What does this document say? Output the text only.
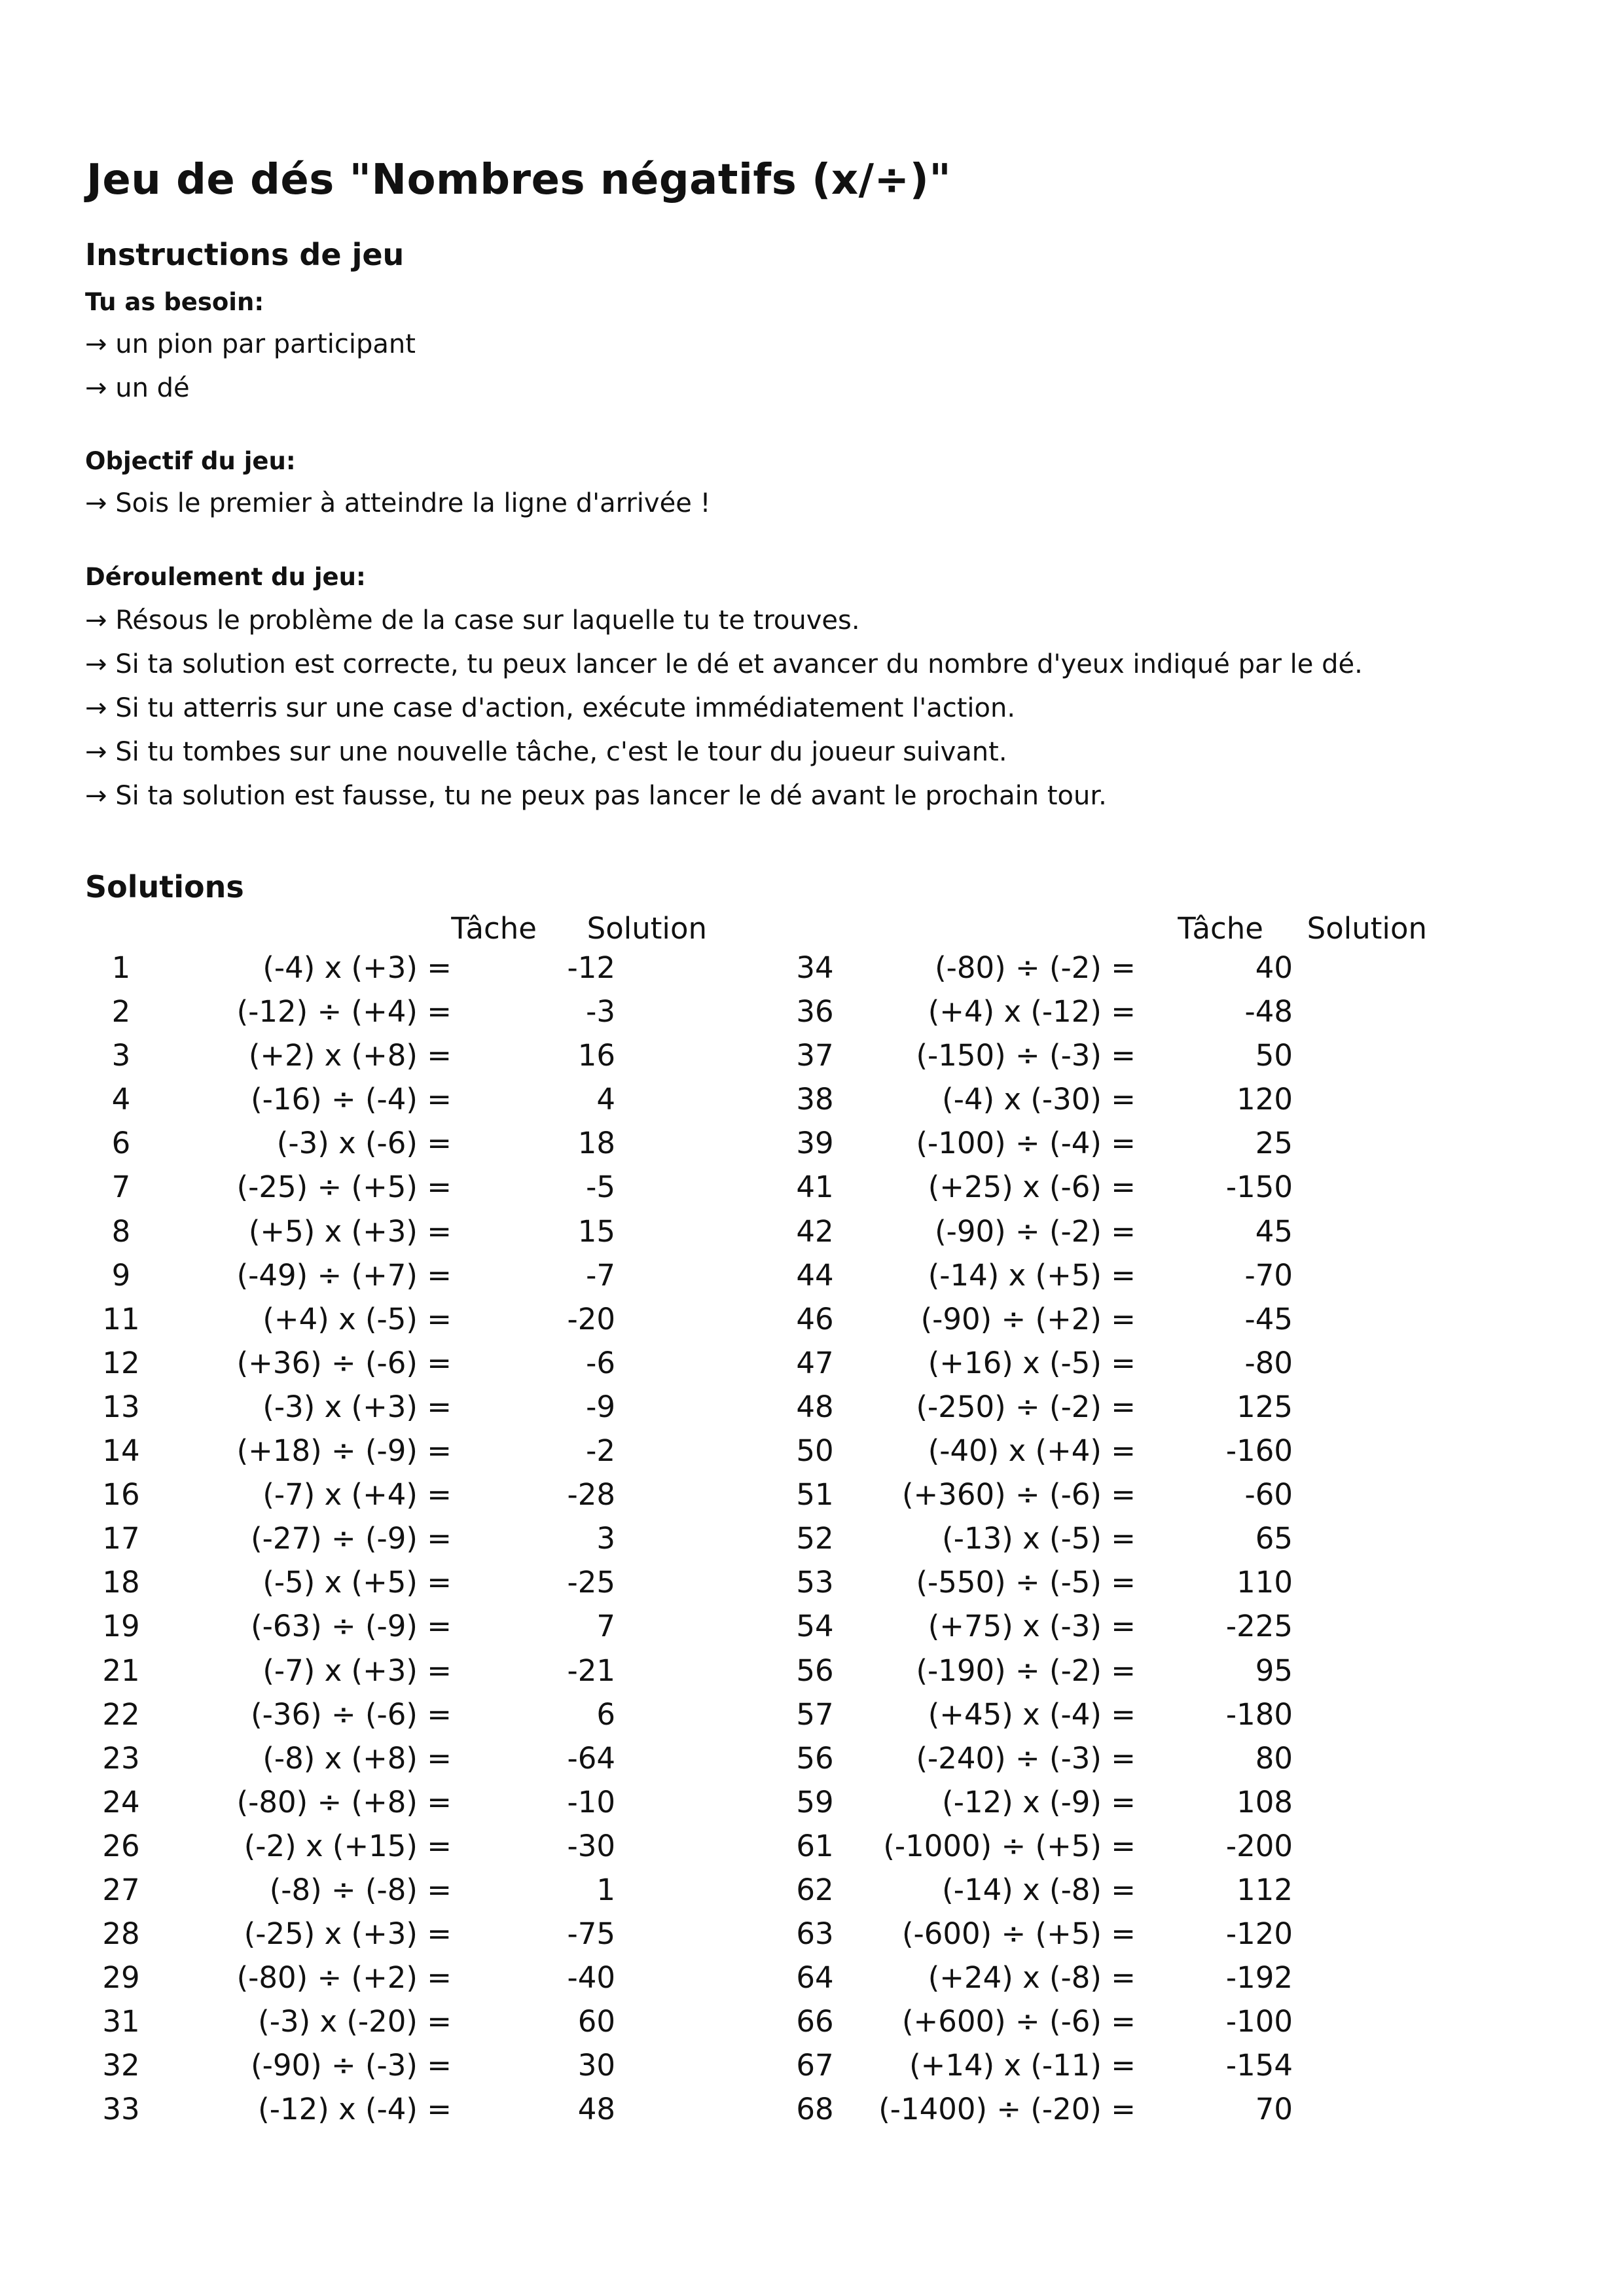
Jeu de dés "Nombres négatifs (x/÷)"
Instructions de jeu
Tu as besoin:
→ un pion par participant
→ un dé
Objectif du jeu:
→ Sois le premier à atteindre la ligne d'arrivée !
Déroulement du jeu:
→ Résous le problème de la case sur laquelle tu te trouves.
→ Si ta solution est correcte, tu peux lancer le dé et avancer du nombre d'yeux indiqué par le dé.
→ Si tu atterris sur une case d'action, exécute immédiatement l'action.
→ Si tu tombes sur une nouvelle tâche, c'est le tour du joueur suivant.
→ Si ta solution est fausse, tu ne peux pas lancer le dé avant le prochain tour.
Solutions
Tâche	Solution
1	(-4) x (+3) =	-12
2	(-12) ÷ (+4) =	-3
3	(+2) x (+8) =	16
4	(-16) ÷ (-4) =	4
6	(-3) x (-6) =	18
7	(-25) ÷ (+5) =	-5
8	(+5) x (+3) =	15
9	(-49) ÷ (+7) =	-7
11	(+4) x (-5) =	-20
12	(+36) ÷ (-6) =	-6
13	(-3) x (+3) =	-9
14	(+18) ÷ (-9) =	-2
16	(-7) x (+4) =	-28
17	(-27) ÷ (-9) =	3
18	(-5) x (+5) =	-25
19	(-63) ÷ (-9) =	7
21	(-7) x (+3) =	-21
22	(-36) ÷ (-6) =	6
23	(-8) x (+8) =	-64
24	(-80) ÷ (+8) =	-10
26	(-2) x (+15) =	-30
27	(-8) ÷ (-8) =	1
28	(-25) x (+3) =	-75
29	(-80) ÷ (+2) =	-40
31	(-3) x (-20) =	60
32	(-90) ÷ (-3) =	30
33	(-12) x (-4) =	48
Tâche	Solution
34	(-80) ÷ (-2) =	40
36	(+4) x (-12) =	-48
37	(-150) ÷ (-3) =	50
38	(-4) x (-30) =	120
39	(-100) ÷ (-4) =	25
41	(+25) x (-6) =	-150
42	(-90) ÷ (-2) =	45
44	(-14) x (+5) =	-70
46	(-90) ÷ (+2) =	-45
47	(+16) x (-5) =	-80
48	(-250) ÷ (-2) =	125
50	(-40) x (+4) =	-160
51	(+360) ÷ (-6) =	-60
52	(-13) x (-5) =	65
53	(-550) ÷ (-5) =	110
54	(+75) x (-3) =	-225
56	(-190) ÷ (-2) =	95
57	(+45) x (-4) =	-180
56	(-240) ÷ (-3) =	80
59	(-12) x (-9) =	108
61	(-1000) ÷ (+5) =	-200
62	(-14) x (-8) =	112
63	(-600) ÷ (+5) =	-120
64	(+24) x (-8) =	-192
66	(+600) ÷ (-6) =	-100
67	(+14) x (-11) =	-154
68	(-1400) ÷ (-20) =	70
